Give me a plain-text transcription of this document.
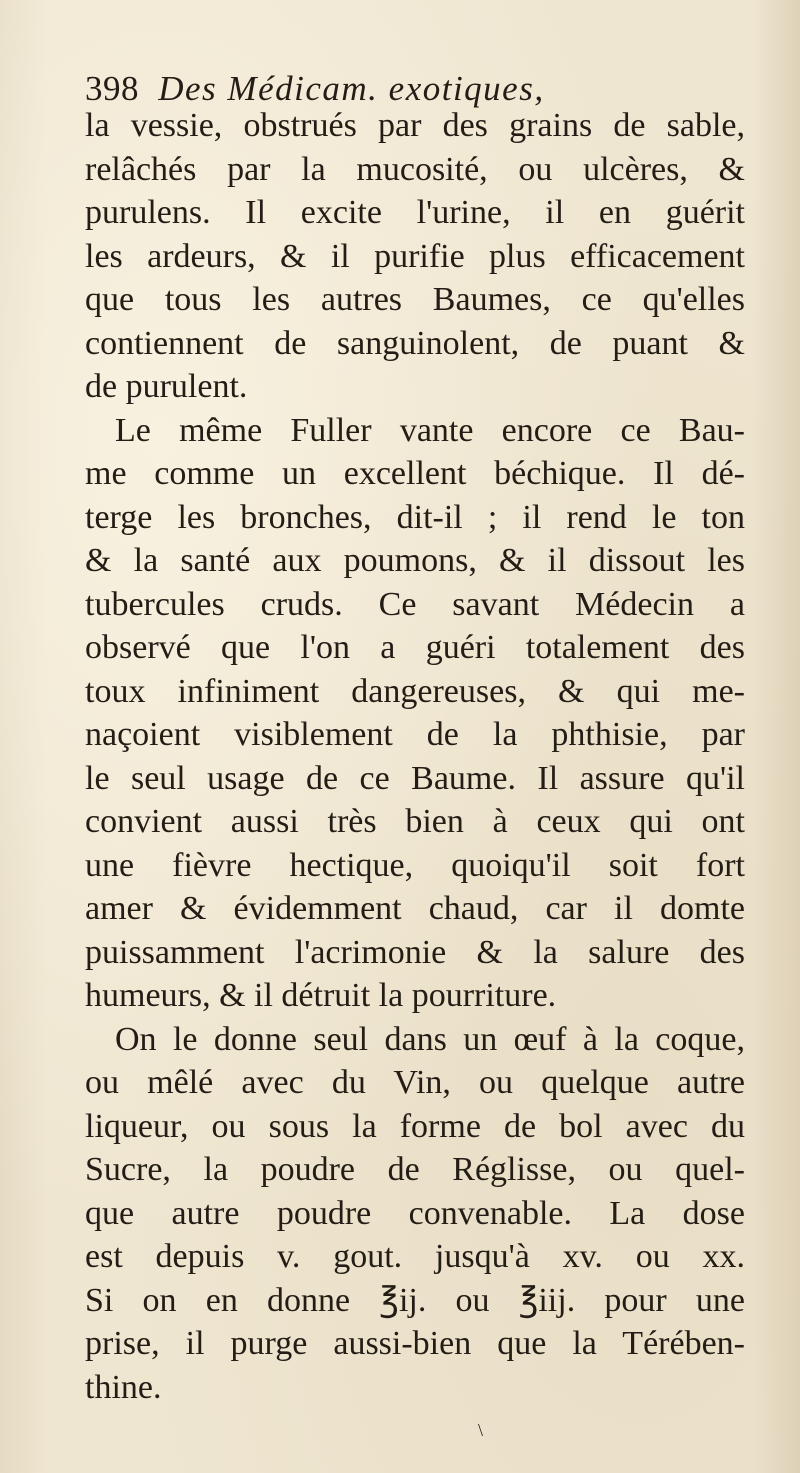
398 Des Médicam. exotiques,
la vessie, obstrués par des grains de sable,
relâchés par la mucosité, ou ulcères, &
purulens. Il excite l'urine, il en guérit
les ardeurs, & il purifie plus efficacement
que tous les autres Baumes, ce qu'elles
contiennent de sanguinolent, de puant &
de purulent.
Le même Fuller vante encore ce Bau-
me comme un excellent béchique. Il dé-
terge les bronches, dit-il ; il rend le ton
& la santé aux poumons, & il dissout les
tubercules cruds. Ce savant Médecin a
observé que l'on a guéri totalement des
toux infiniment dangereuses, & qui me-
naçoient visiblement de la phthisie, par
le seul usage de ce Baume. Il assure qu'il
convient aussi très bien à ceux qui ont
une fièvre hectique, quoiqu'il soit fort
amer & évidemment chaud, car il domte
puissamment l'acrimonie & la salure des
humeurs, & il détruit la pourriture.
On le donne seul dans un œuf à la coque,
ou mêlé avec du Vin, ou quelque autre
liqueur, ou sous la forme de bol avec du
Sucre, la poudre de Réglisse, ou quel-
que autre poudre convenable. La dose
est depuis v. gout. jusqu'à xv. ou xx.
Si on en donne ℥ij. ou ℥iij. pour une
prise, il purge aussi-bien que la Térében-
thine.
\
